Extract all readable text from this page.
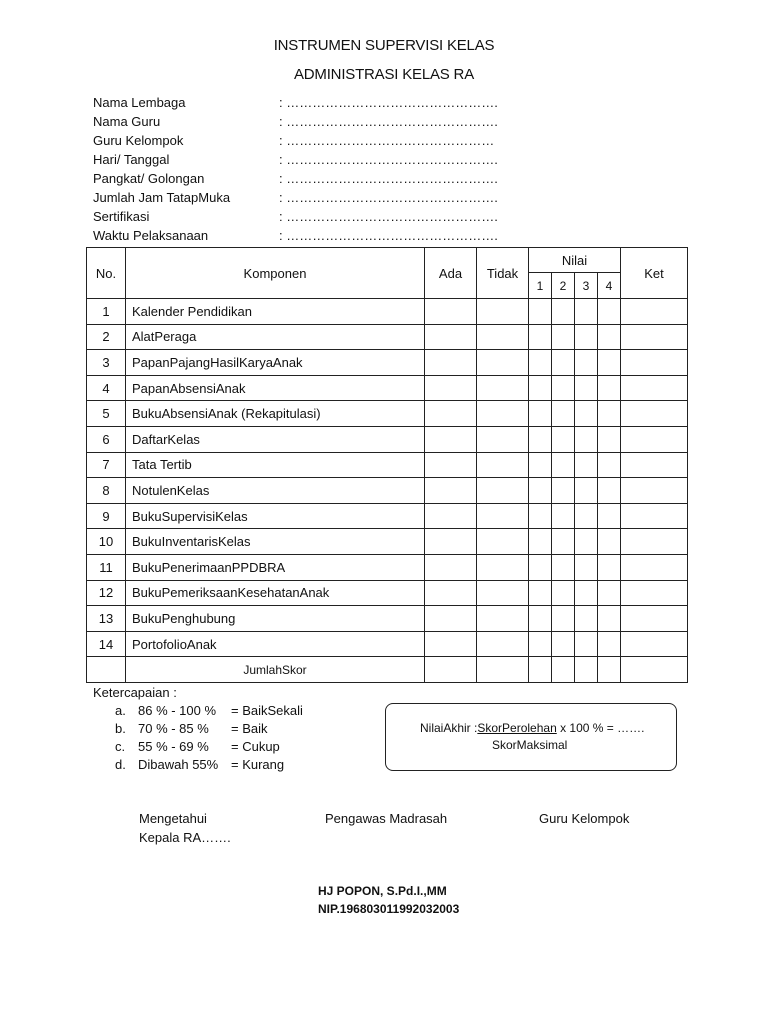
INSTRUMEN SUPERVISI KELAS
ADMINISTRASI KELAS RA
Nama Lembaga	: ………………………………………….
Nama Guru	: ………………………………………….
Guru Kelompok	: …………………………………………
Hari/ Tanggal	: ………………………………………….
Pangkat/ Golongan	: ………………………………………….
Jumlah Jam TatapMuka	: ………………………………………….
Sertifikasi	: ………………………………………….
Waktu Pelaksanaan	: ………………………………………….
No.	Komponen	Ada	Tidak	Nilai				Ket
				1	2	3	4	
1	Kalender Pendidikan							
2	AlatPeraga							
3	PapanPajangHasilKaryaAnak							
4	PapanAbsensiAnak							
5	BukuAbsensiAnak (Rekapitulasi)							
6	DaftarKelas							
7	Tata Tertib							
8	NotulenKelas							
9	BukuSupervisiKelas							
10	BukuInventarisKelas							
11	BukuPenerimaanPPDBRA							
12	BukuPemeriksaanKesehatanAnak							
13	BukuPenghubung							
14	PortofolioAnak							
	JumlahSkor							
Ketercapaian :
a. 86 % - 100 %	= BaikSekali
b. 70 % - 85 %	= Baik
c. 55 % - 69 %	= Cukup
d. Dibawah 55% = Kurang
NilaiAkhir :SkorPerolehan x 100 % = …….
SkorMaksimal
Mengetahui
Kepala RA…….
Pengawas Madrasah	Guru Kelompok
HJ POPON, S.Pd.I.,MM
NIP.196803011992032003
